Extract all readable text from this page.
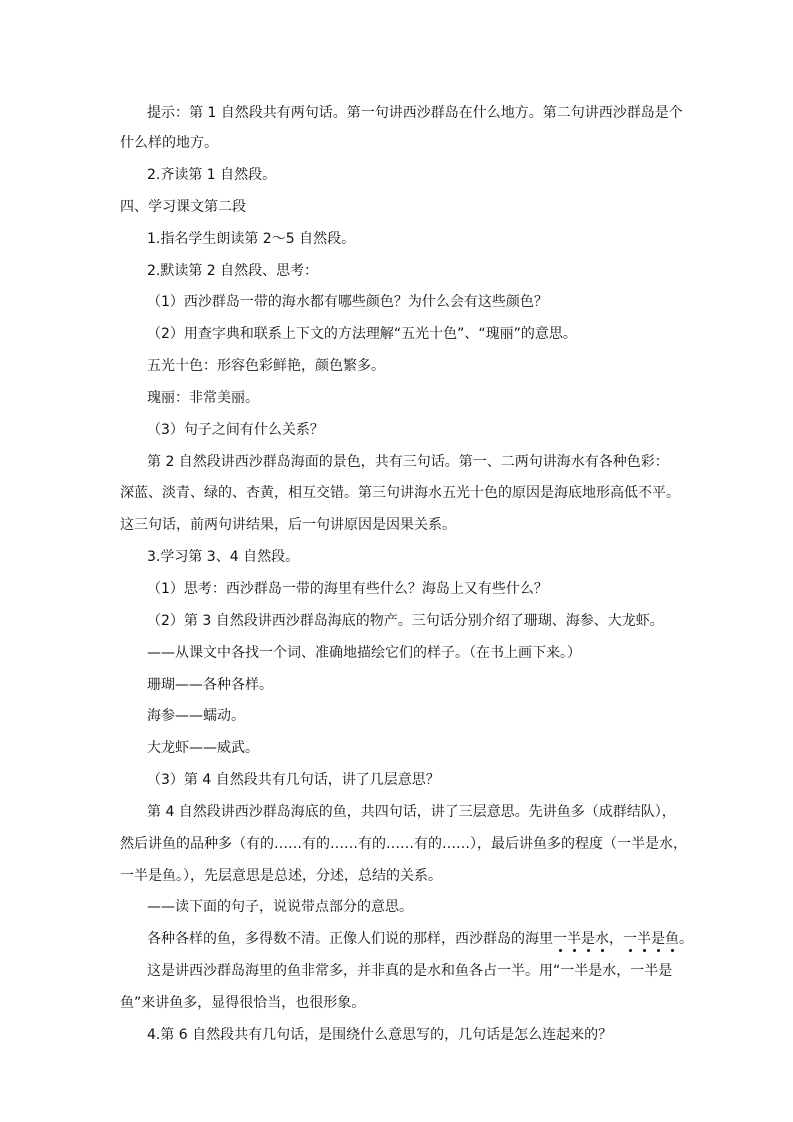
提示：第 1 自然段共有两句话。第一句讲西沙群岛在什么地方。第二句讲西沙群岛是个
什么样的地方。
2.齐读第 1 自然段。
四、学习课文第二段
1.指名学生朗读第 2～5 自然段。
2.默读第 2 自然段、思考：
（1）西沙群岛一带的海水都有哪些颜色？为什么会有这些颜色？
（2）用查字典和联系上下文的方法理解“五光十色”、“瑰丽”的意思。
五光十色：形容色彩鲜艳，颜色繁多。
瑰丽：非常美丽。
（3）句子之间有什么关系？
第 2 自然段讲西沙群岛海面的景色，共有三句话。第一、二两句讲海水有各种色彩：
深蓝、淡青、绿的、杏黄，相互交错。第三句讲海水五光十色的原因是海底地形高低不平。
这三句话，前两句讲结果，后一句讲原因是因果关系。
3.学习第 3、4 自然段。
（1）思考：西沙群岛一带的海里有些什么？海岛上又有些什么？
（2）第 3 自然段讲西沙群岛海底的物产。三句话分别介绍了珊瑚、海参、大龙虾。
——从课文中各找一个词、准确地描绘它们的样子。（在书上画下来。）
珊瑚——各种各样。
海参——蠕动。
大龙虾——威武。
（3）第 4 自然段共有几句话，讲了几层意思？
第 4 自然段讲西沙群岛海底的鱼，共四句话，讲了三层意思。先讲鱼多（成群结队），
然后讲鱼的品种多（有的……有的……有的……有的……），最后讲鱼多的程度（一半是水，
一半是鱼。），先层意思是总述，分述，总结的关系。
——读下面的句子，说说带点部分的意思。
各种各样的鱼，多得数不清。正像人们说的那样，西沙群岛的海里一半是水，一半是鱼。
这是讲西沙群岛海里的鱼非常多，并非真的是水和鱼各占一半。用“一半是水，一半是
鱼”来讲鱼多，显得很恰当，也很形象。
4.第 6 自然段共有几句话，是围绕什么意思写的，几句话是怎么连起来的？
